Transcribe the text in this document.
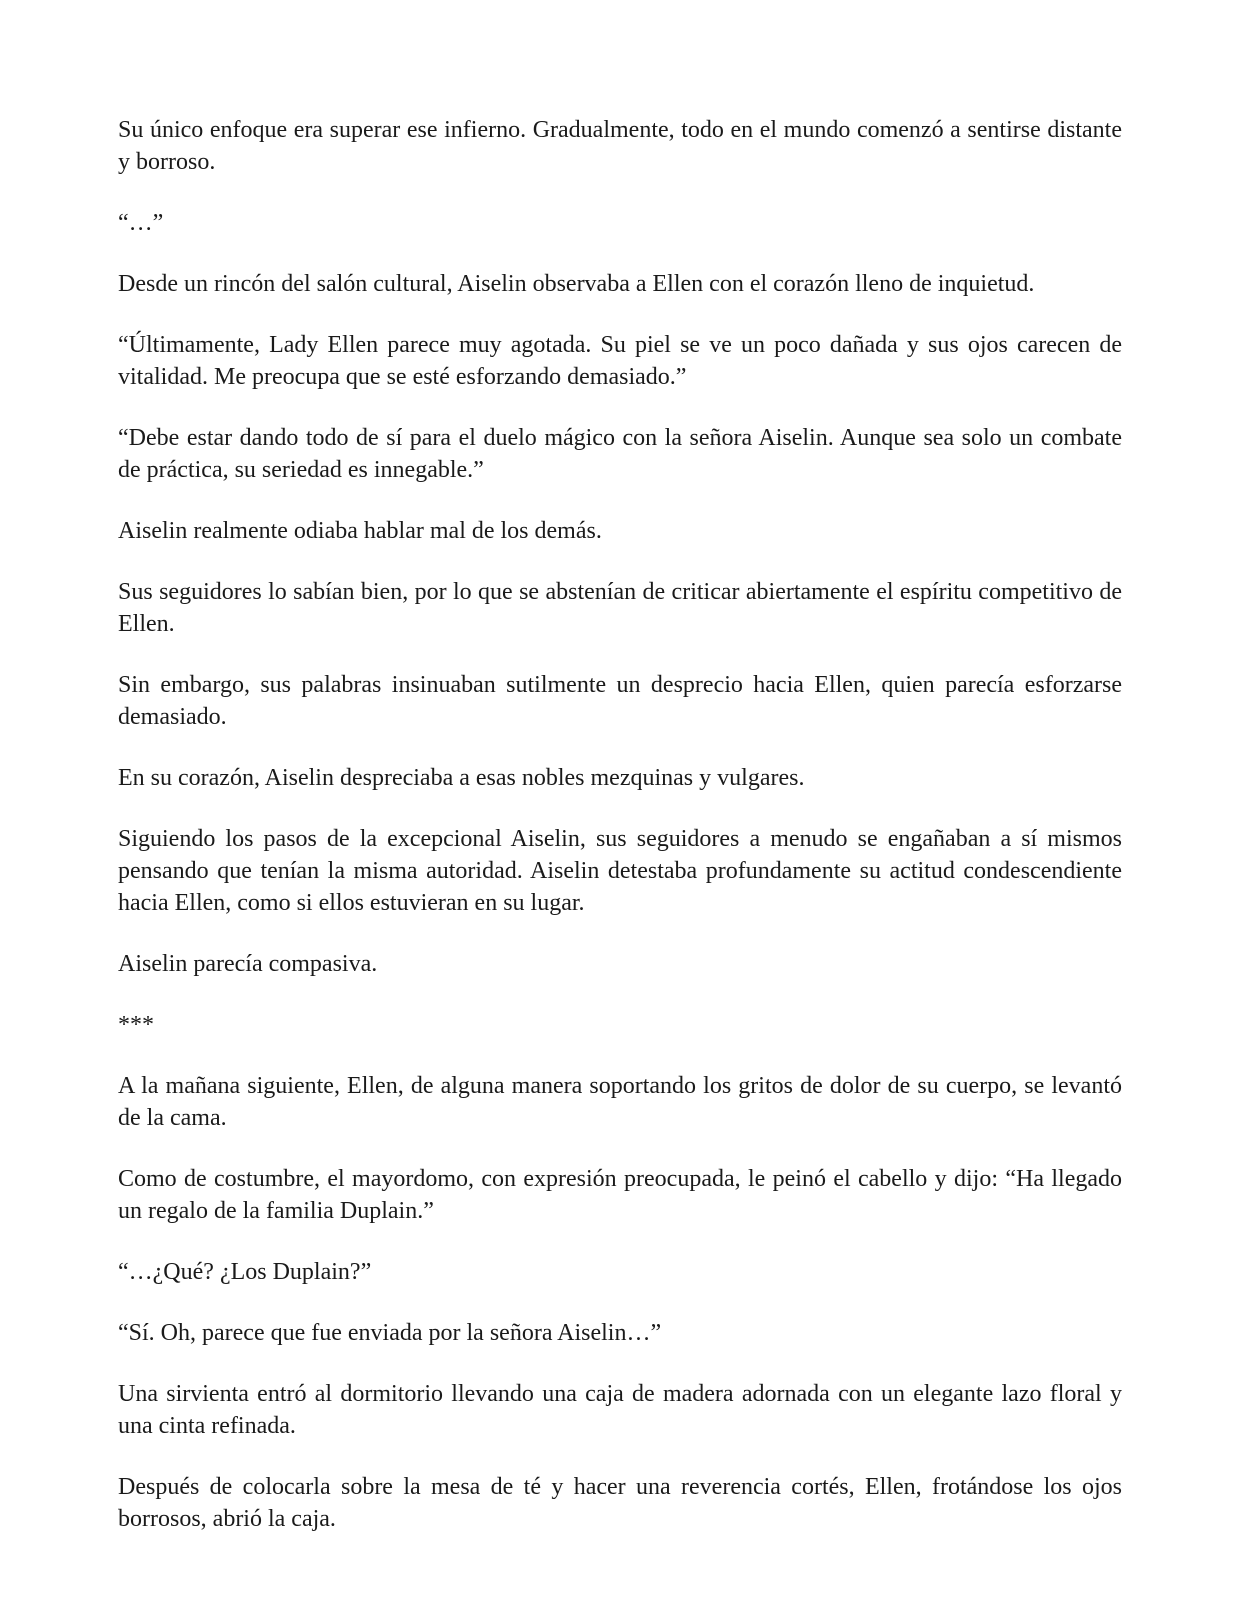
Su único enfoque era superar ese infierno. Gradualmente, todo en el mundo comenzó a sentirse distante y borroso.

“…”

Desde un rincón del salón cultural, Aiselin observaba a Ellen con el corazón lleno de inquietud.

“Últimamente, Lady Ellen parece muy agotada. Su piel se ve un poco dañada y sus ojos carecen de vitalidad. Me preocupa que se esté esforzando demasiado.”

“Debe estar dando todo de sí para el duelo mágico con la señora Aiselin. Aunque sea solo un combate de práctica, su seriedad es innegable.”

Aiselin realmente odiaba hablar mal de los demás.

Sus seguidores lo sabían bien, por lo que se abstenían de criticar abiertamente el espíritu competitivo de Ellen.

Sin embargo, sus palabras insinuaban sutilmente un desprecio hacia Ellen, quien parecía esforzarse demasiado.

En su corazón, Aiselin despreciaba a esas nobles mezquinas y vulgares.

Siguiendo los pasos de la excepcional Aiselin, sus seguidores a menudo se engañaban a sí mismos pensando que tenían la misma autoridad. Aiselin detestaba profundamente su actitud condescendiente hacia Ellen, como si ellos estuvieran en su lugar.

Aiselin parecía compasiva.

***

A la mañana siguiente, Ellen, de alguna manera soportando los gritos de dolor de su cuerpo, se levantó de la cama.

Como de costumbre, el mayordomo, con expresión preocupada, le peinó el cabello y dijo: “Ha llegado un regalo de la familia Duplain.”

“…¿Qué? ¿Los Duplain?”

“Sí. Oh, parece que fue enviada por la señora Aiselin…”

Una sirvienta entró al dormitorio llevando una caja de madera adornada con un elegante lazo floral y una cinta refinada.

Después de colocarla sobre la mesa de té y hacer una reverencia cortés, Ellen, frotándose los ojos borrosos, abrió la caja.
